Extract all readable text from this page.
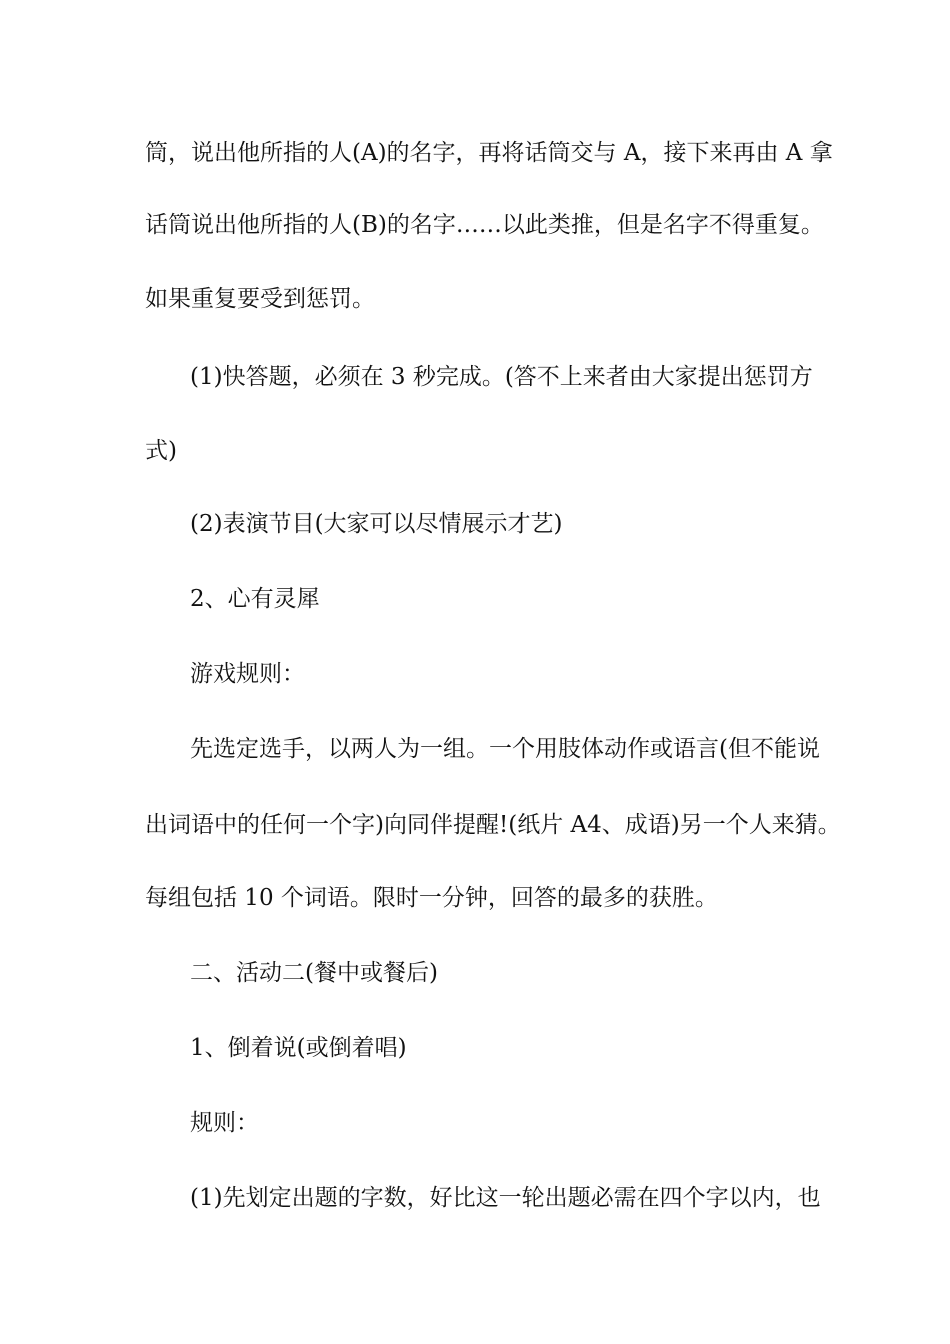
筒，说出他所指的人(A)的名字，再将话筒交与 A，接下来再由 A 拿
话筒说出他所指的人(B)的名字……以此类推，但是名字不得重复。
如果重复要受到惩罚。
(1)快答题，必须在 3 秒完成。(答不上来者由大家提出惩罚方
式)
(2)表演节目(大家可以尽情展示才艺)
2、心有灵犀
游戏规则：
先选定选手，以两人为一组。一个用肢体动作或语言(但不能说
出词语中的任何一个字)向同伴提醒!(纸片 A4、成语)另一个人来猜。
每组包括 10 个词语。限时一分钟，回答的最多的获胜。
二、活动二(餐中或餐后)
1、倒着说(或倒着唱)
规则：
(1)先划定出题的字数，好比这一轮出题必需在四个字以内，也
